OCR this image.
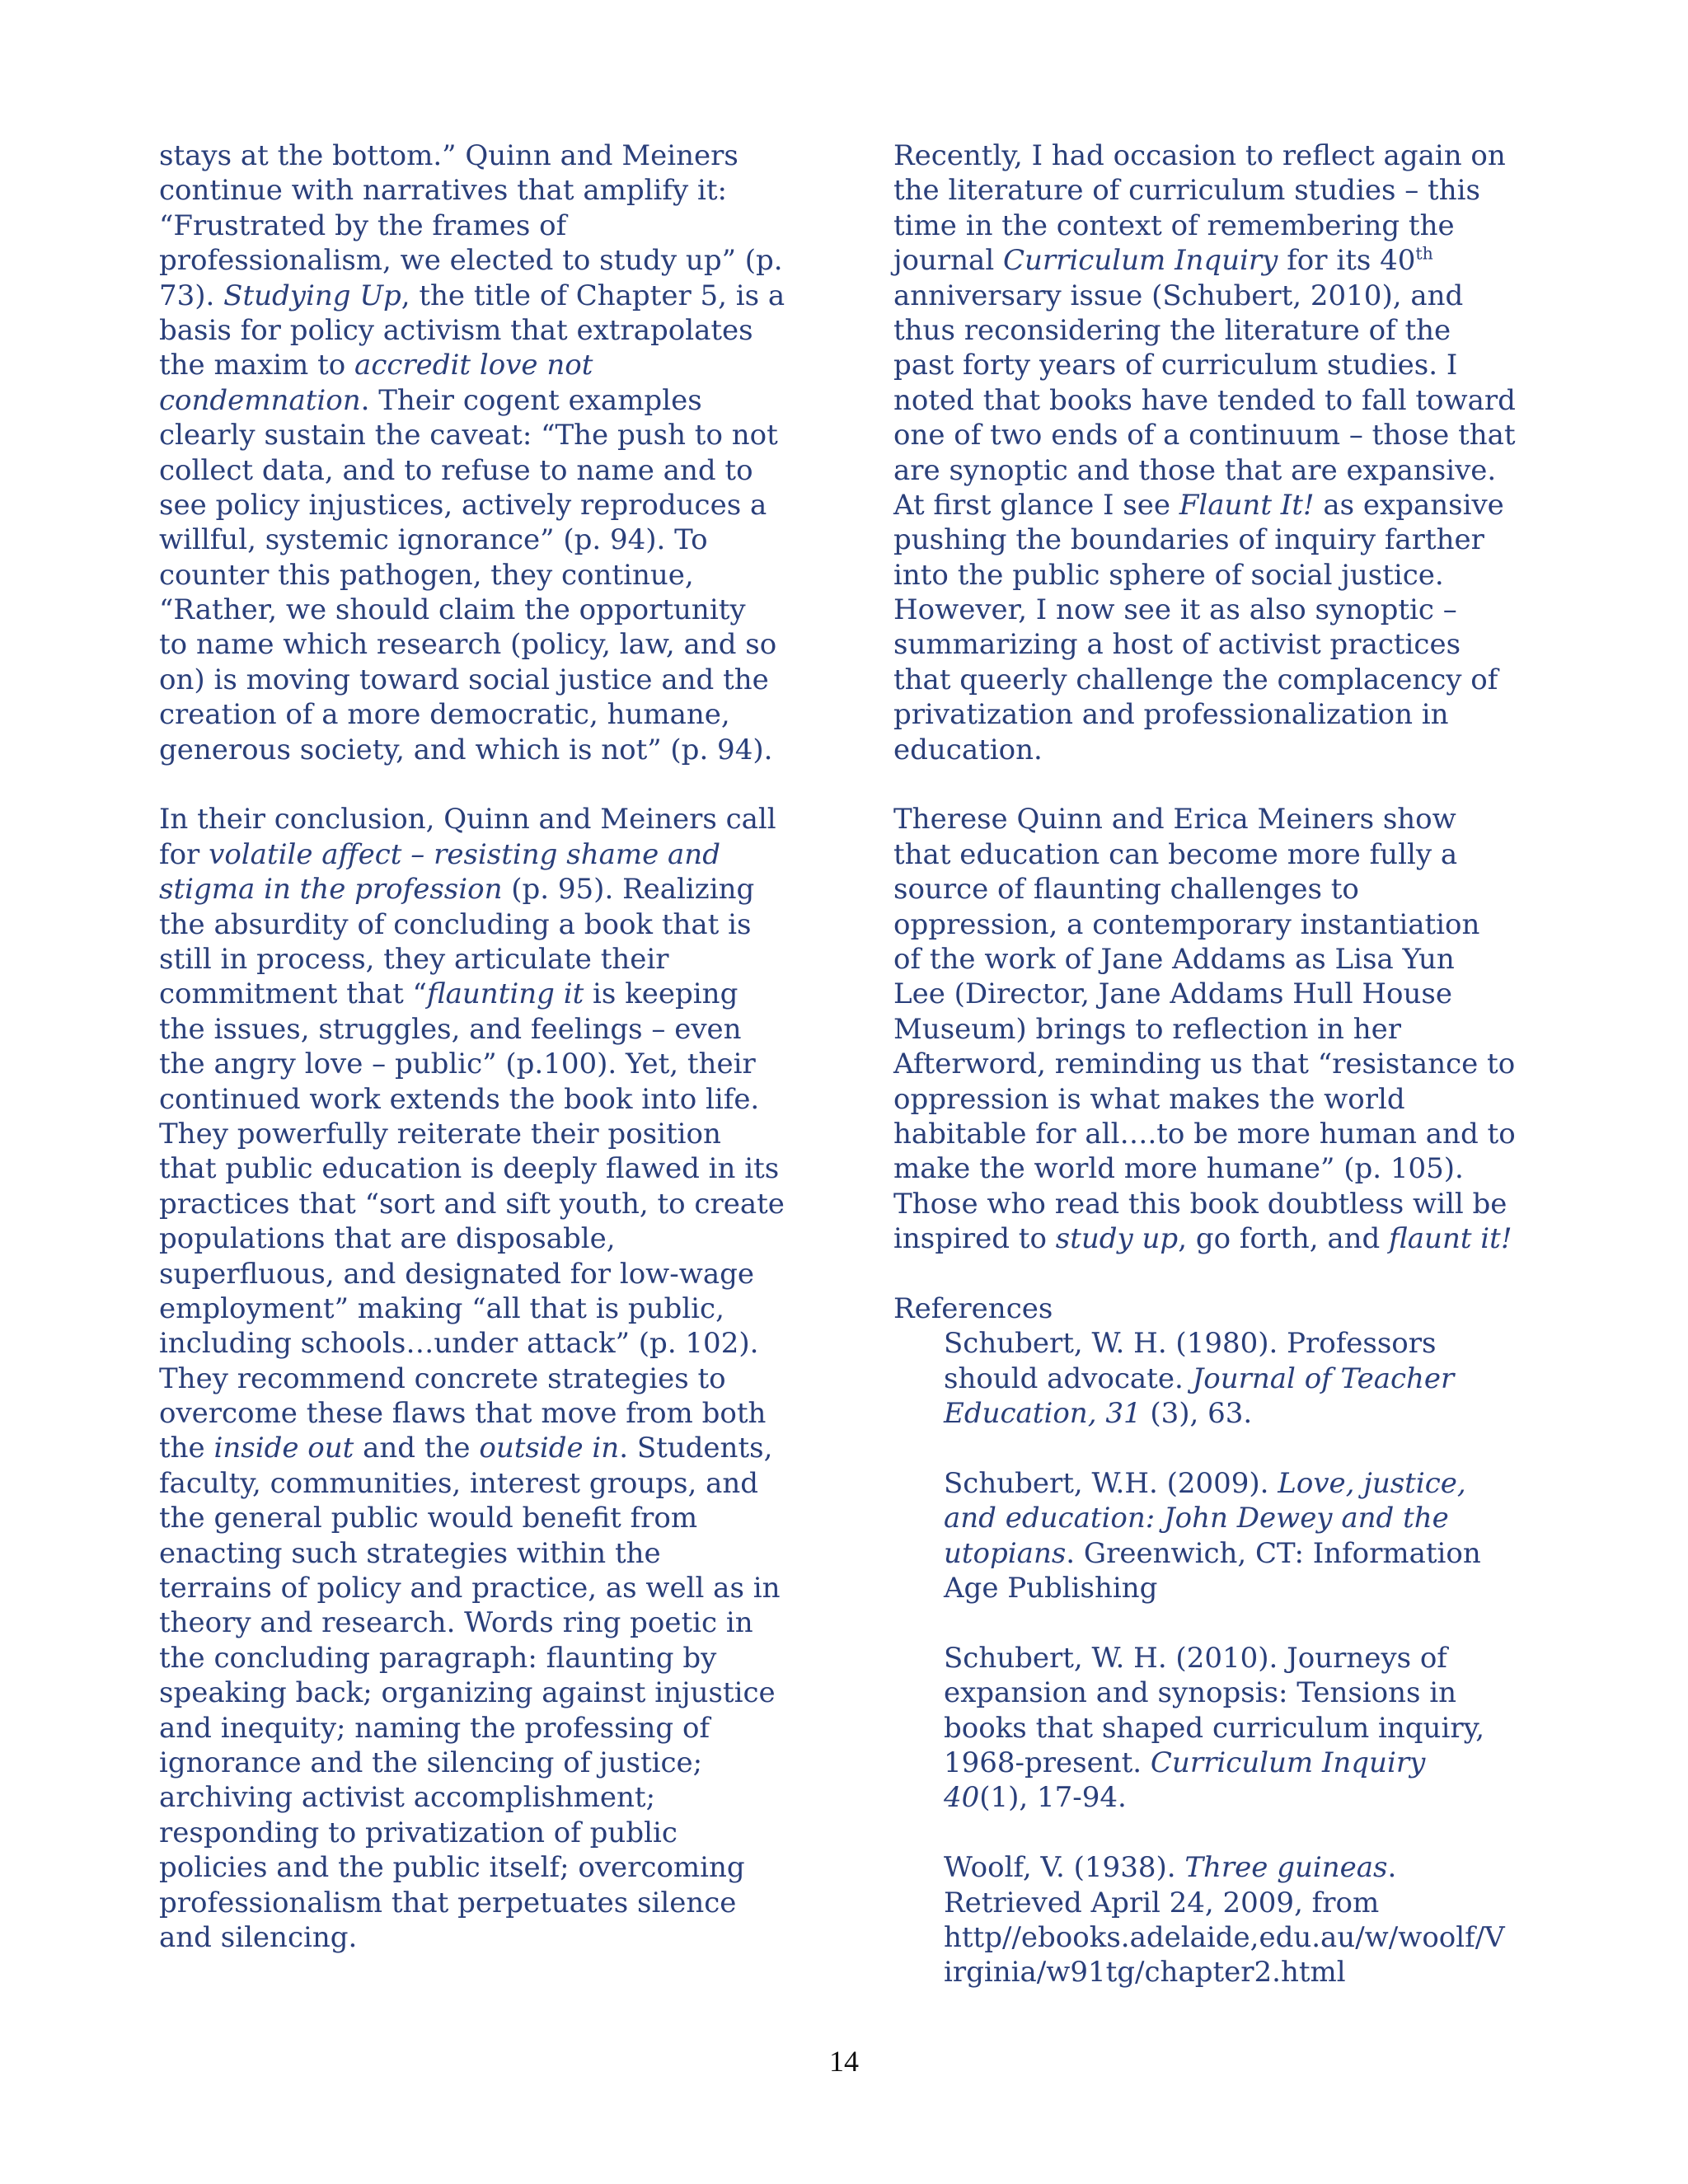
stays at the bottom.” Quinn and Meiners
continue with narratives that amplify it:
“Frustrated by the frames of
professionalism, we elected to study up” (p.
73). Studying Up, the title of Chapter 5, is a
basis for policy activism that extrapolates
the maxim to accredit love not
condemnation. Their cogent examples
clearly sustain the caveat: “The push to not
collect data, and to refuse to name and to
see policy injustices, actively reproduces a
willful, systemic ignorance” (p. 94). To
counter this pathogen, they continue,
“Rather, we should claim the opportunity
to name which research (policy, law, and so
on) is moving toward social justice and the
creation of a more democratic, humane,
generous society, and which is not” (p. 94).
In their conclusion, Quinn and Meiners call
for volatile affect – resisting shame and
stigma in the profession (p. 95). Realizing
the absurdity of concluding a book that is
still in process, they articulate their
commitment that “flaunting it is keeping
the issues, struggles, and feelings – even
the angry love – public” (p.100). Yet, their
continued work extends the book into life.
They powerfully reiterate their position
that public education is deeply flawed in its
practices that “sort and sift youth, to create
populations that are disposable,
superfluous, and designated for low-wage
employment” making “all that is public,
including schools…under attack” (p. 102).
They recommend concrete strategies to
overcome these flaws that move from both
the inside out and the outside in. Students,
faculty, communities, interest groups, and
the general public would benefit from
enacting such strategies within the
terrains of policy and practice, as well as in
theory and research. Words ring poetic in
the concluding paragraph: flaunting by
speaking back; organizing against injustice
and inequity; naming the professing of
ignorance and the silencing of justice;
archiving activist accomplishment;
responding to privatization of public
policies and the public itself; overcoming
professionalism that perpetuates silence
and silencing.
Recently, I had occasion to reflect again on
the literature of curriculum studies – this
time in the context of remembering the
journal Curriculum Inquiry for its 40th
anniversary issue (Schubert, 2010), and
thus reconsidering the literature of the
past forty years of curriculum studies. I
noted that books have tended to fall toward
one of two ends of a continuum – those that
are synoptic and those that are expansive.
At first glance I see Flaunt It! as expansive
pushing the boundaries of inquiry farther
into the public sphere of social justice.
However, I now see it as also synoptic –
summarizing a host of activist practices
that queerly challenge the complacency of
privatization and professionalization in
education.
Therese Quinn and Erica Meiners show
that education can become more fully a
source of flaunting challenges to
oppression, a contemporary instantiation
of the work of Jane Addams as Lisa Yun
Lee (Director, Jane Addams Hull House
Museum) brings to reflection in her
Afterword, reminding us that “resistance to
oppression is what makes the world
habitable for all….to be more human and to
make the world more humane” (p. 105).
Those who read this book doubtless will be
inspired to study up, go forth, and flaunt it!
References
Schubert, W. H. (1980). Professors
should advocate. Journal of Teacher
Education, 31 (3), 63.
Schubert, W.H. (2009). Love, justice,
and education: John Dewey and the
utopians. Greenwich, CT: Information
Age Publishing
Schubert, W. H. (2010). Journeys of
expansion and synopsis: Tensions in
books that shaped curriculum inquiry,
1968-present. Curriculum Inquiry
40(1), 17-94.
Woolf, V. (1938). Three guineas.
Retrieved April 24, 2009, from
http//ebooks.adelaide,edu.au/w/woolf/V
irginia/w91tg/chapter2.html
14
